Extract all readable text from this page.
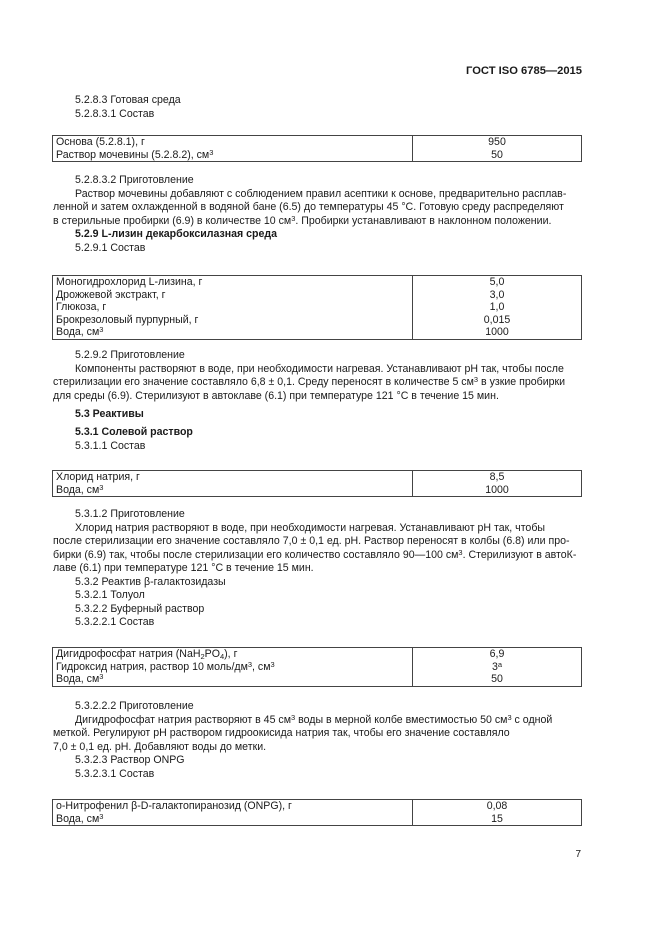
ГОСТ ISO 6785—2015
5.2.8.3 Готовая среда
5.2.8.3.1 Состав
Основа (5.2.8.1), г	950
Раствор мочевины (5.2.8.2), $см^3$	50
5.2.8.3.2 Приготовление
Раствор мочевины добавляют с соблюдением правил асептики к основе, предварительно расплав-
ленной и затем охлажденной в водяной бане (6.5) до температуры 45 °С. Готовую среду распределяют
в стерильные пробирки (6.9) в количестве 10 $см^3$. Пробирки устанавливают в наклонном положении.
5.2.9 L-лизин декарбоксилазная среда
5.2.9.1 Состав
Моногидрохлорид L-лизина, г	5,0
Дрожжевой экстракт, г	3,0
Глюкоза, г	1,0
Брокрезоловый пурпурный, г	0,015
Вода, $см^3$	1000
5.2.9.2 Приготовление
Компоненты растворяют в воде, при необходимости нагревая. Устанавливают рН так, чтобы после
стерилизации его значение составляло 6,8 ± 0,1. Среду переносят в количестве 5 $см^3$ в узкие пробирки
для среды (6.9). Стерилизуют в автоклаве (6.1) при температуре 121 °С в течение 15 мин.
5.3 Реактивы
5.3.1 Солевой раствор
5.3.1.1 Состав
Хлорид натрия, г	8,5
Вода, $см^3$	1000
5.3.1.2 Приготовление
Хлорид натрия растворяют в воде, при необходимости нагревая. Устанавливают рН так, чтобы
после стерилизации его значение составляло 7,0 ± 0,1 ед. рН. Раствор переносят в колбы (6.8) или про-
бирки (6.9) так, чтобы после стерилизации его количество составляло 90—100 $см^3$. Стерилизуют в автоК-
лаве (6.1) при температуре 121 °С в течение 15 мин.
5.3.2 Реактив β-галактозидазы
5.3.2.1 Толуол
5.3.2.2 Буферный раствор
5.3.2.2.1 Состав
Дигидрофосфат натрия $(NaH_2PO_4)$, г	6,9
Гидроксид натрия, раствор 10 моль/$дм^3$, $см^3$	$3^а$
Вода, $см^3$	50
5.3.2.2.2 Приготовление
Дигидрофосфат натрия растворяют в 45 $см^3$ воды в мерной колбе вместимостью 50 $см^3$ с одной
меткой. Регулируют рН раствором гидроокисида натрия так, чтобы его значение составляло
7,0 ± 0,1 ед. рН. Добавляют воды до метки.
5.3.2.3 Раствор ONPG
5.3.2.3.1 Состав
о-Нитрофенил β-D-галактопиранозид (ONPG), г	0,08
Вода, $см^3$	15
7
